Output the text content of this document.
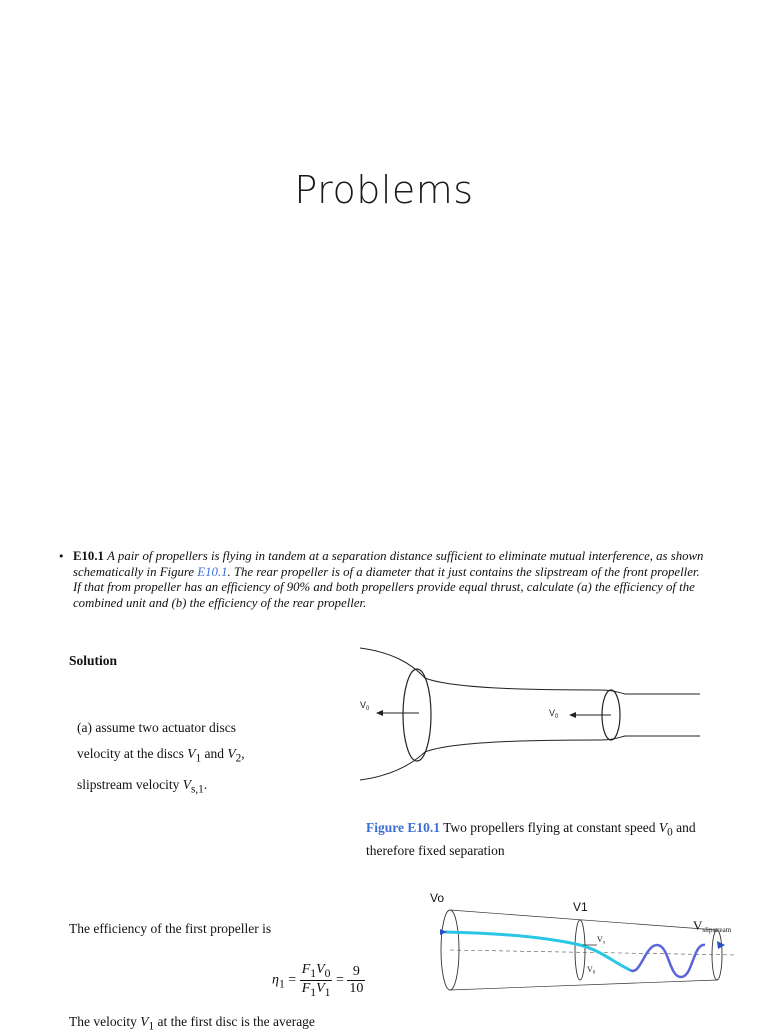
Problems
• E10.1 A pair of propellers is flying in tandem at a separation distance sufficient to eliminate mutual interference, as shown schematically in Figure E10.1. The rear propeller is of a diameter that it just contains the slipstream of the front propeller. If that from propeller has an efficiency of 90% and both propellers provide equal thrust, calculate (a) the efficiency of the combined unit and (b) the efficiency of the rear propeller.
Solution
(a) assume two actuator discs
velocity at the discs $V_1$ and $V_2$,
slipstream velocity $V_{s,1}$.
$V_0$	$V_0$
Figure E10.1 Two propellers flying at constant speed $V_0$ and therefore fixed separation
Vo
V1
Vslipstream
Vx
V0
The efficiency of the first propeller is
$\eta_1 = \frac{F_1V_0}{F_1V_1} = \frac{9}{10}$
The velocity $V_1$ at the first disc is the average
